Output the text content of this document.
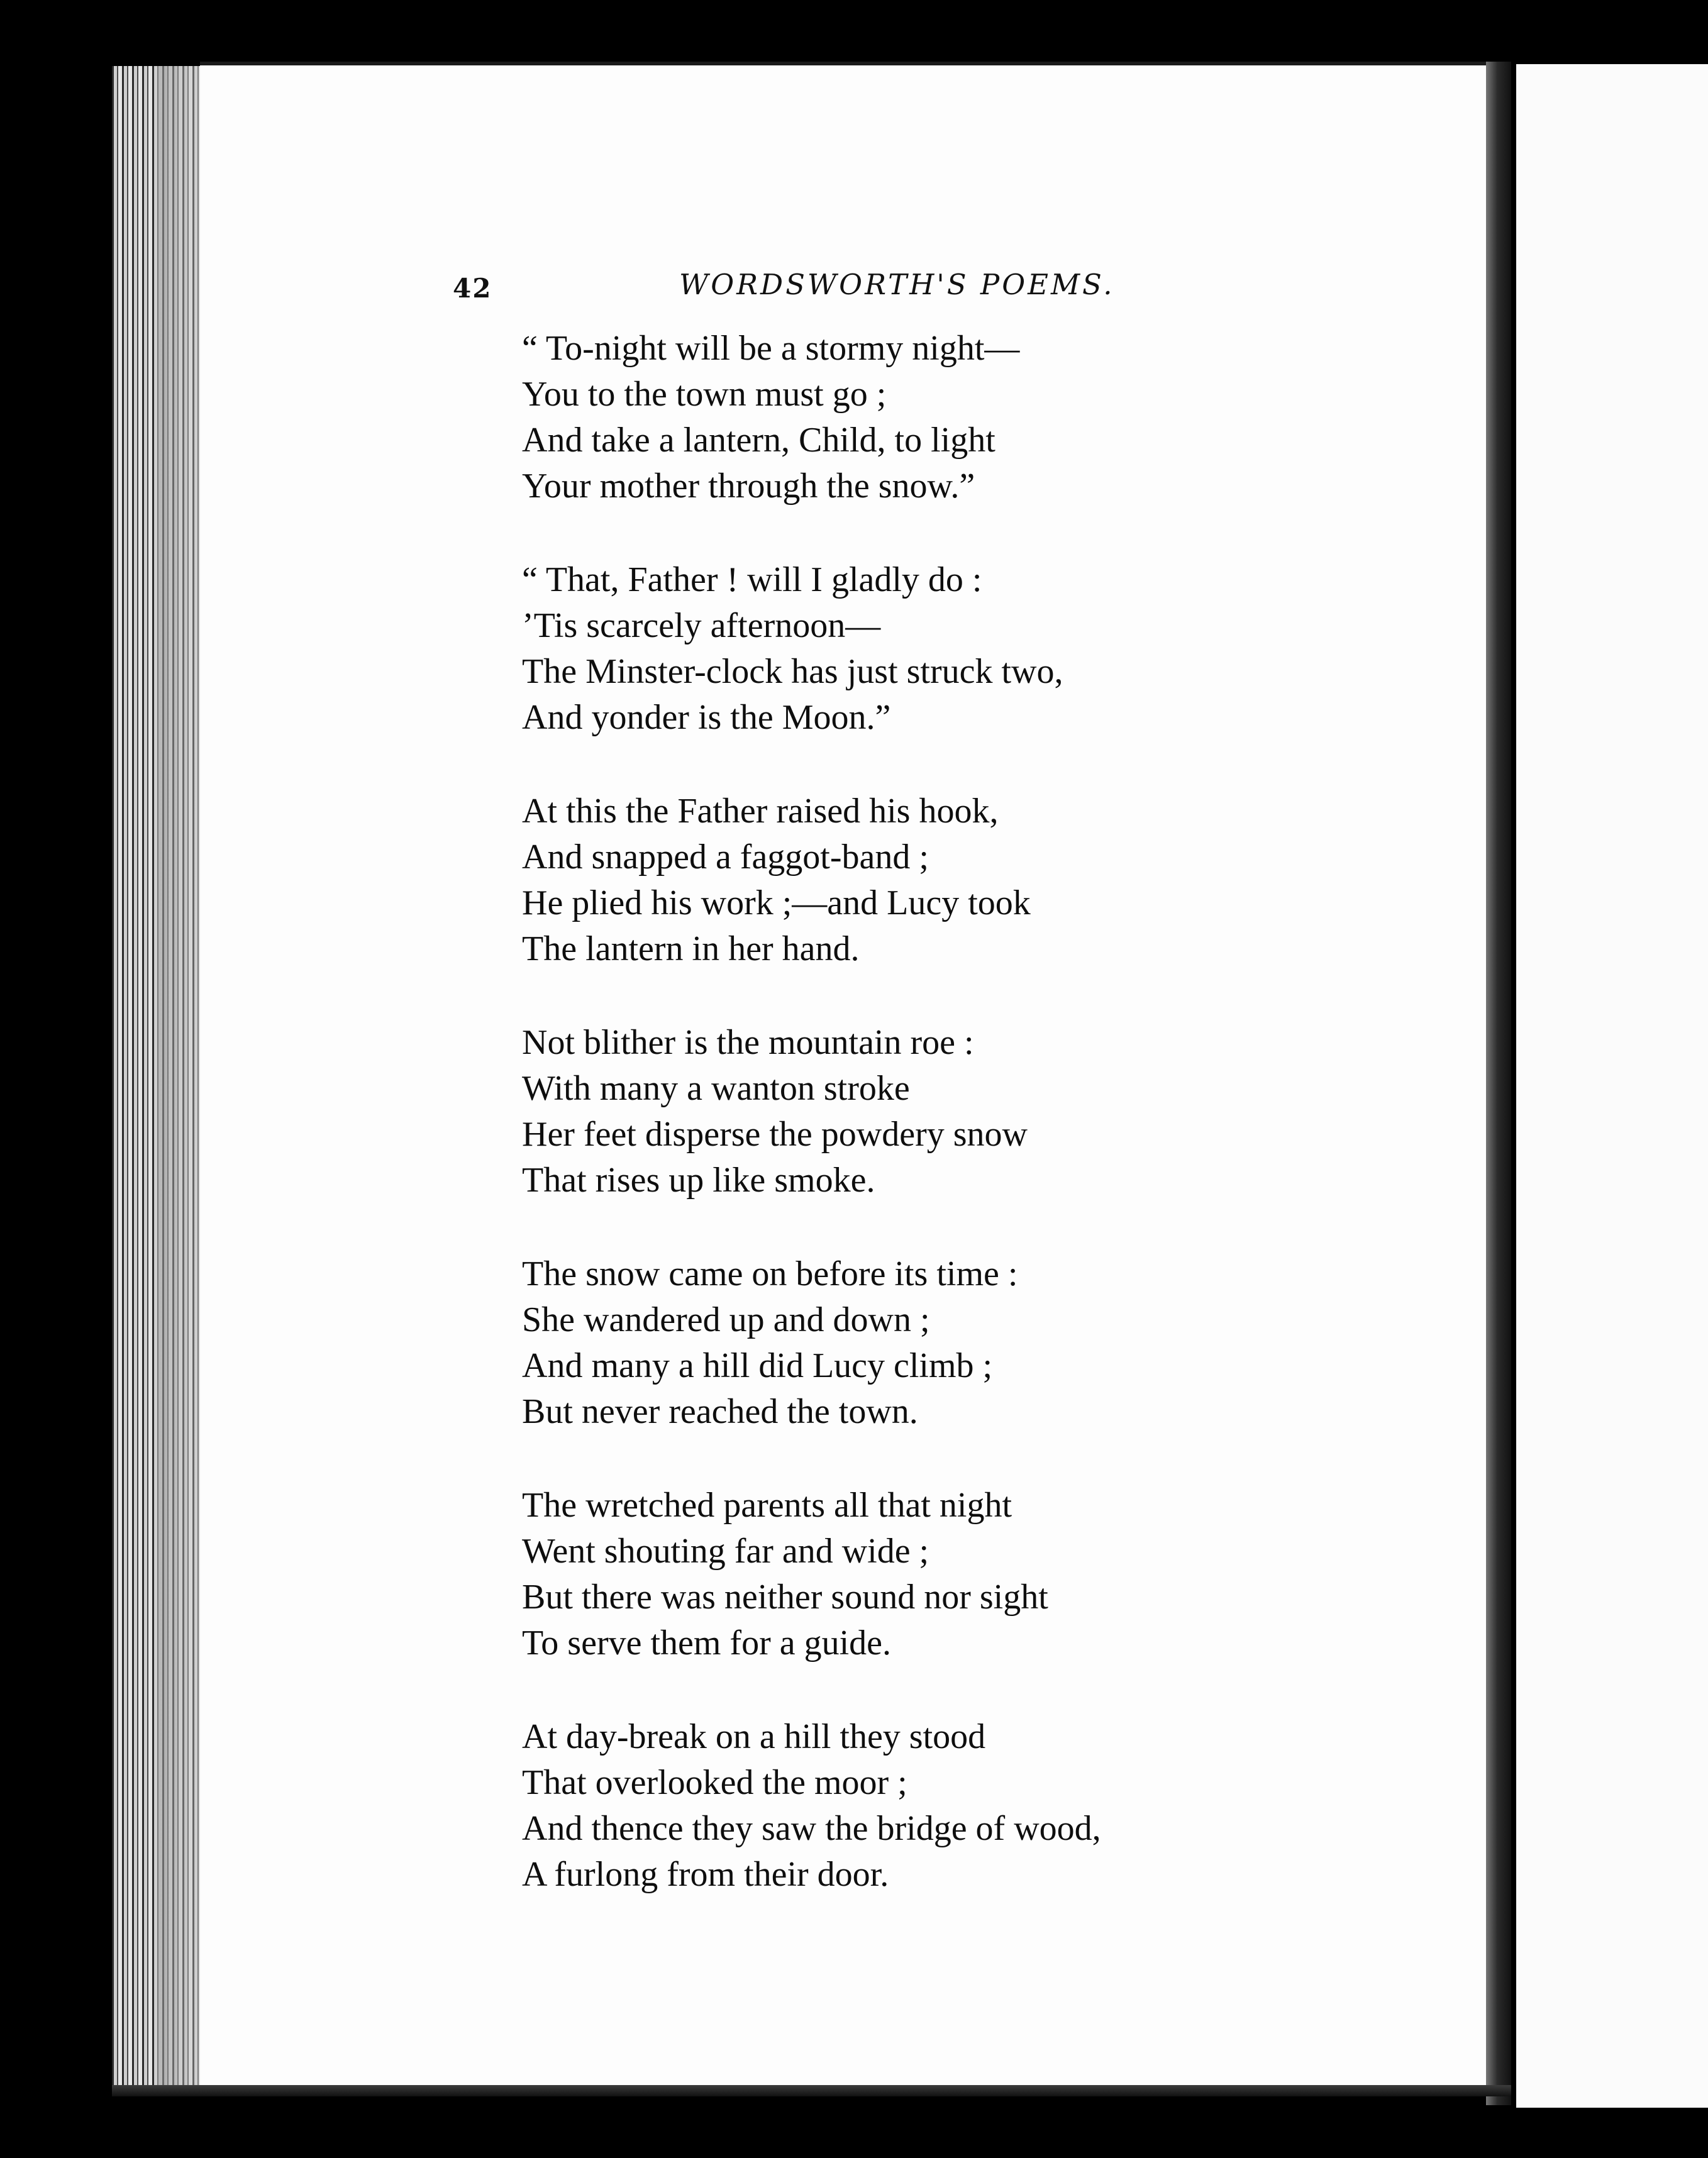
42	WORDSWORTH'S POEMS.
“ To-night will be a stormy night—
You to the town must go ;
And take a lantern, Child, to light
Your mother through the snow.”
“ That, Father ! will I gladly do :
’Tis scarcely afternoon—
The Minster-clock has just struck two,
And yonder is the Moon.”
At this the Father raised his hook,
And snapped a faggot-band ;
He plied his work ;—and Lucy took
The lantern in her hand.
Not blither is the mountain roe :
With many a wanton stroke
Her feet disperse the powdery snow
That rises up like smoke.
The snow came on before its time :
She wandered up and down ;
And many a hill did Lucy climb ;
But never reached the town.
The wretched parents all that night
Went shouting far and wide ;
But there was neither sound nor sight
To serve them for a guide.
At day-break on a hill they stood
That overlooked the moor ;
And thence they saw the bridge of wood,
A furlong from their door.
